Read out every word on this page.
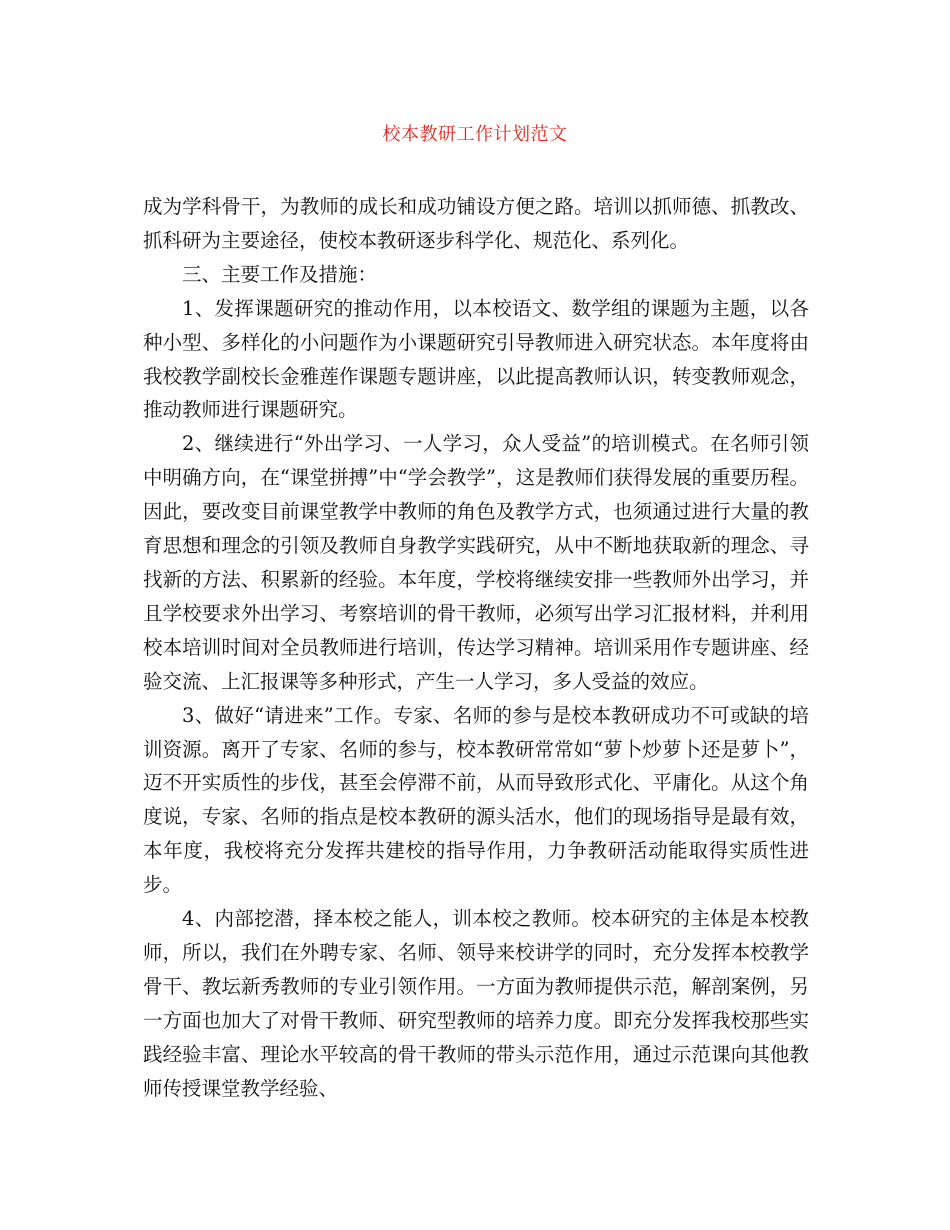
校本教研工作计划范文

成为学科骨干，为教师的成长和成功铺设方便之路。培训以抓师德、抓教改、抓科研为主要途径，使校本教研逐步科学化、规范化、系列化。

三、主要工作及措施：

1、发挥课题研究的推动作用，以本校语文、数学组的课题为主题，以各种小型、多样化的小问题作为小课题研究引导教师进入研究状态。本年度将由我校教学副校长金雅莲作课题专题讲座，以此提高教师认识，转变教师观念，推动教师进行课题研究。

2、继续进行“外出学习、一人学习，众人受益”的培训模式。在名师引领中明确方向，在“课堂拼搏”中“学会教学”，这是教师们获得发展的重要历程。因此，要改变目前课堂教学中教师的角色及教学方式，也须通过进行大量的教育思想和理念的引领及教师自身教学实践研究，从中不断地获取新的理念、寻找新的方法、积累新的经验。本年度，学校将继续安排一些教师外出学习，并且学校要求外出学习、考察培训的骨干教师，必须写出学习汇报材料，并利用校本培训时间对全员教师进行培训，传达学习精神。培训采用作专题讲座、经验交流、上汇报课等多种形式，产生一人学习，多人受益的效应。

3、做好“请进来”工作。专家、名师的参与是校本教研成功不可或缺的培训资源。离开了专家、名师的参与，校本教研常常如“萝卜炒萝卜还是萝卜”，迈不开实质性的步伐，甚至会停滞不前，从而导致形式化、平庸化。从这个角度说，专家、名师的指点是校本教研的源头活水，他们的现场指导是最有效，本年度，我校将充分发挥共建校的指导作用，力争教研活动能取得实质性进步。

4、内部挖潜，择本校之能人，训本校之教师。校本研究的主体是本校教师，所以，我们在外聘专家、名师、领导来校讲学的同时，充分发挥本校教学骨干、教坛新秀教师的专业引领作用。一方面为教师提供示范，解剖案例，另一方面也加大了对骨干教师、研究型教师的培养力度。即充分发挥我校那些实践经验丰富、理论水平较高的骨干教师的带头示范作用，通过示范课向其他教师传授课堂教学经验、
